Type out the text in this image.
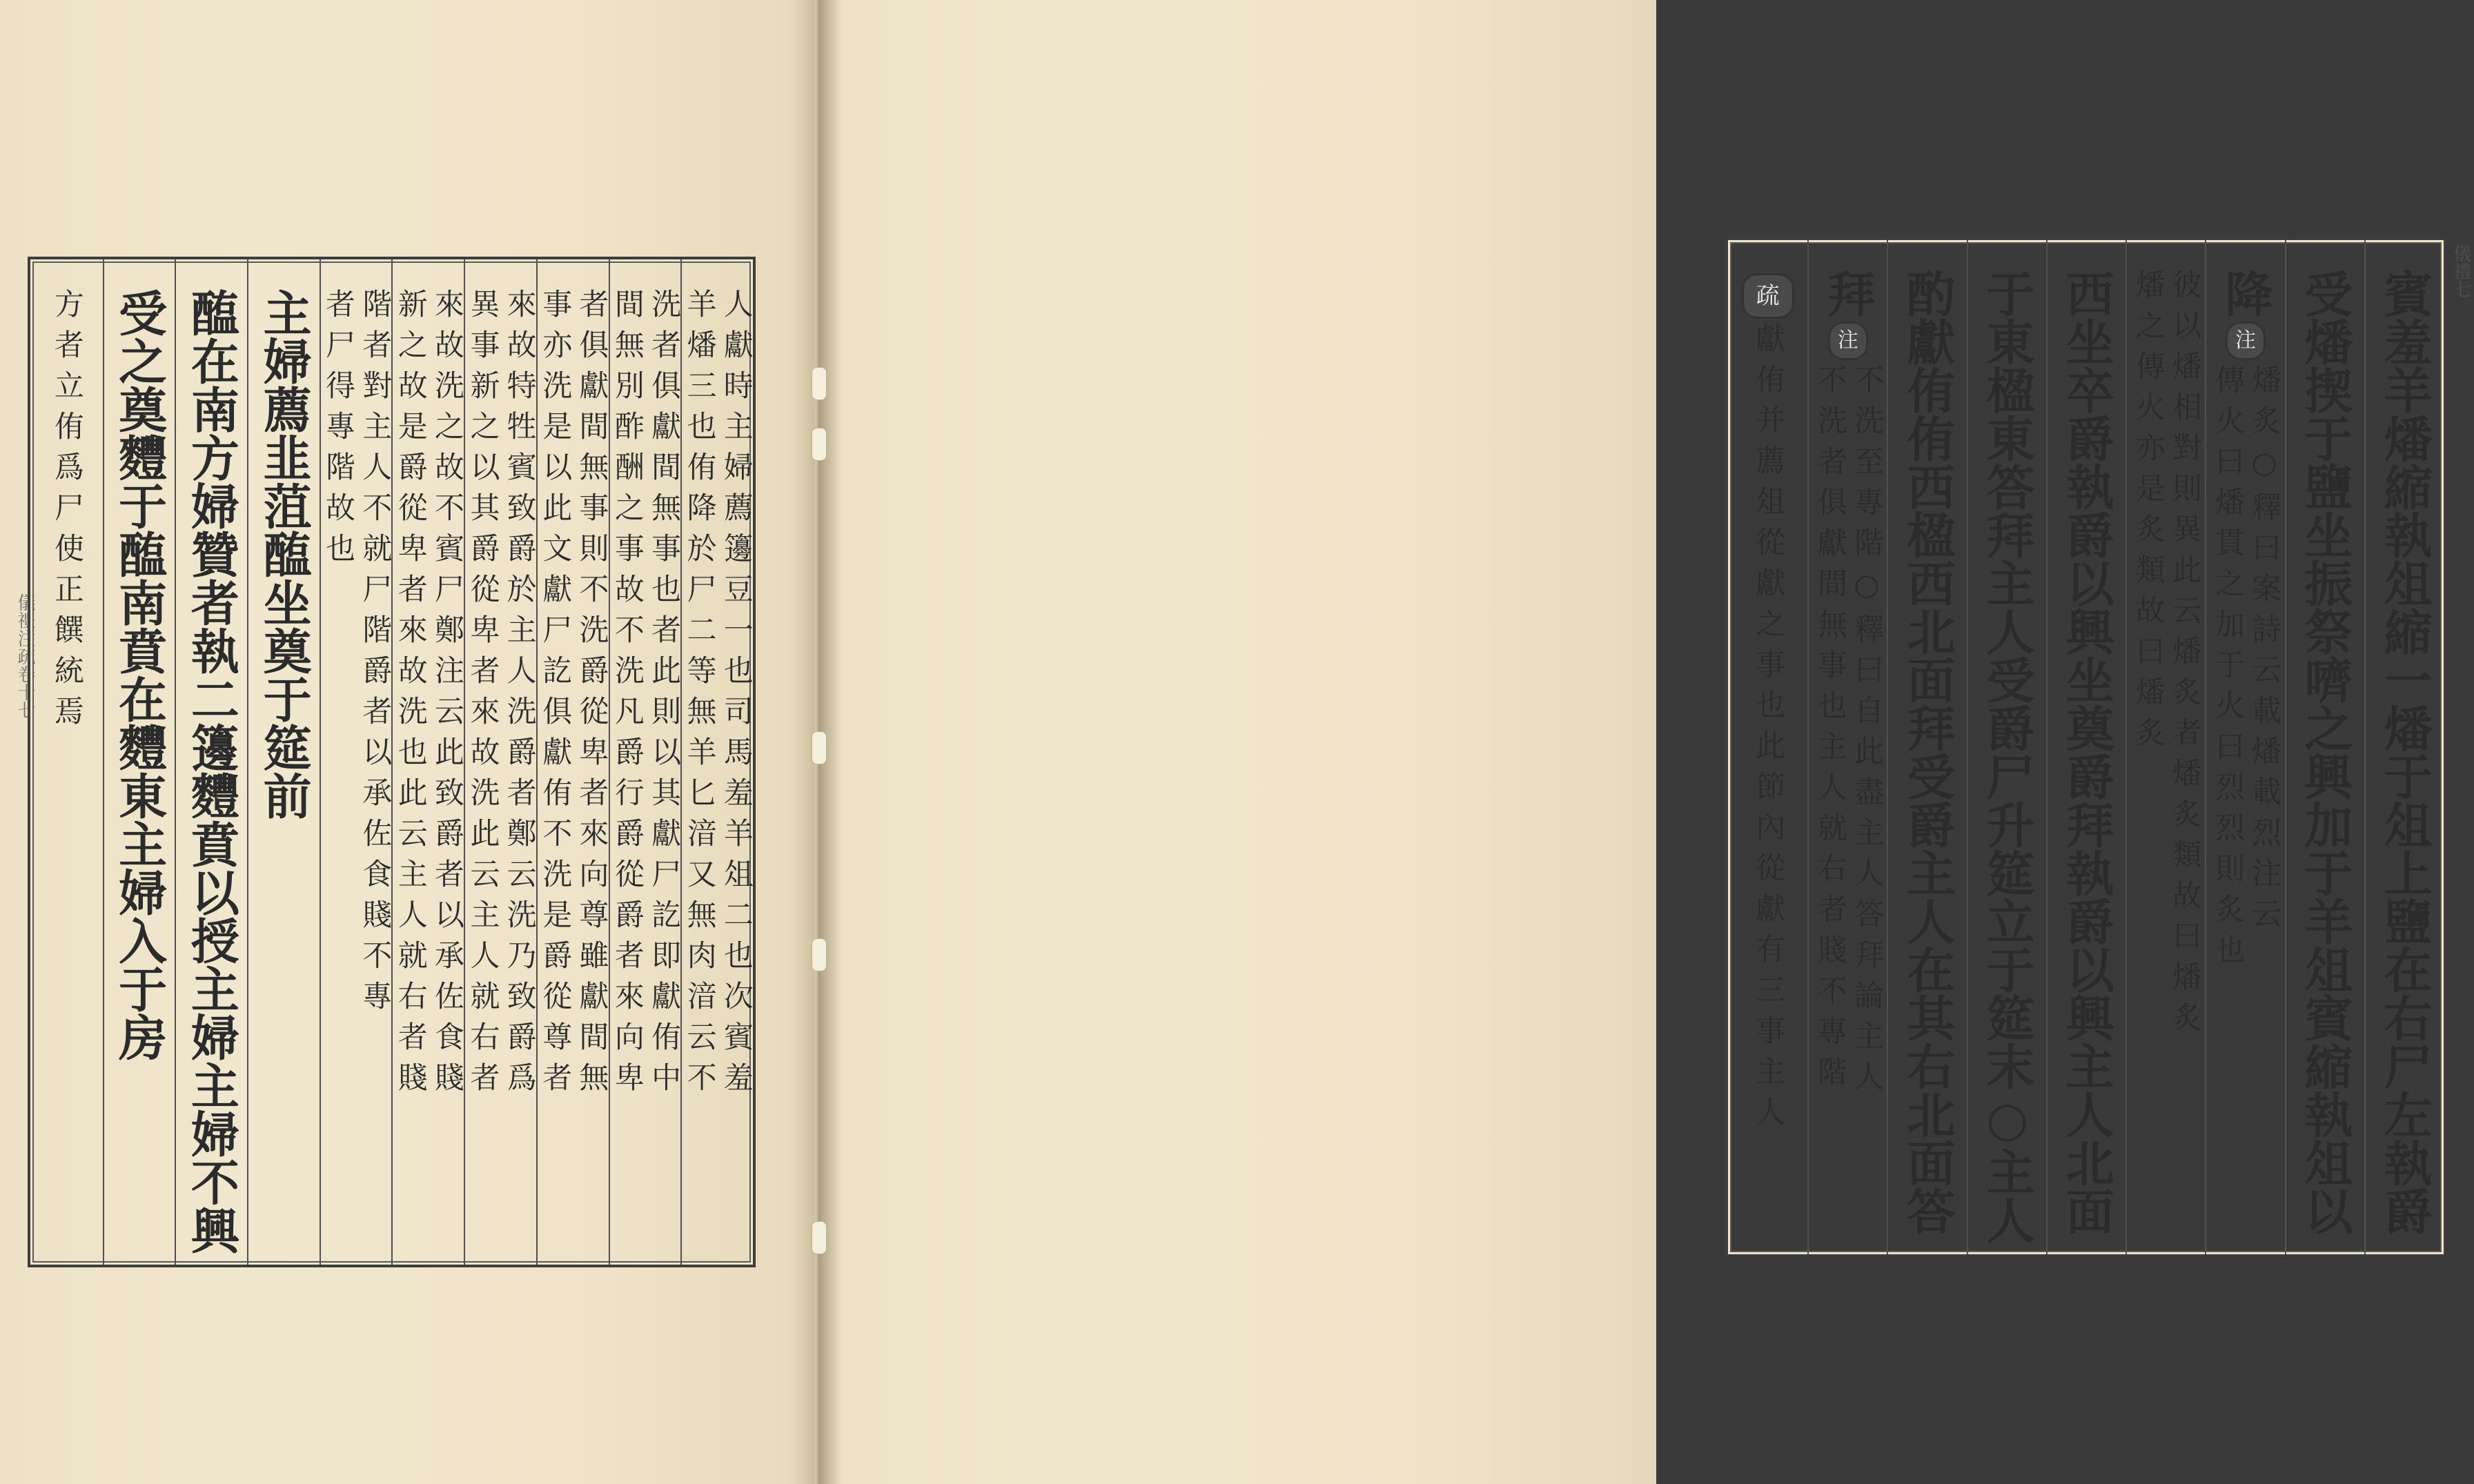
儀禮注疏卷十七	人獻時主婦薦籩豆一也司馬羞羊俎二也次賓羞
羊燔三也侑降於尸二等無羊匕湆又無肉湆云不
洗者俱獻間無事也者此則以其獻尸訖即獻侑中
間無別酢酬之事故不洗凡爵行爵從爵者來向卑
者俱獻間無事則不洗爵從卑者來向尊雖獻間無
事亦洗是以此文獻尸訖俱獻侑不洗是爵從尊者
來故特牲賓致爵於主人洗爵者鄭云洗乃致爵爲
異事新之以其爵從卑者來故洗此云主人就右者
來故洗之故不賓尸鄭注云此致爵者以承佐食賤
新之故是爵從卑者來故洗也此云主人就右者賤
階者對主人不就尸階爵者以承佐食賤不專
者尸得專階故也
主婦薦韭菹醢坐奠于筵前
醢在南方婦贊者執二籩麷賁以授主婦主婦不興
受之奠麷于醢南賁在麷東主婦入于房
方者立侑爲尸使正饌統焉
儀禮七
賓羞羊燔縮執俎縮一燔于俎上鹽在右尸左執爵
受燔揳于鹽坐振祭嚌之興加于羊俎賓縮執俎以
降
注
燔炙○釋曰案詩云載燔載烈注云
傳火曰燔貫之加于火曰烈烈則炙也
彼以燔相對則異此云燔炙者燔炙類故曰燔炙
燔之傳火亦是炙類故曰燔炙
西坐卒爵執爵以興坐奠爵拜執爵以興主人北面
于東楹東答拜主人受爵尸升筵立于筵末○主人
酌獻侑侑西楹西北面拜受爵主人在其右北面答
拜
注
不洗至專階○釋曰自此盡主人答拜論主人
不洗者俱獻間無事也主人就右者賤不專階
疏
獻侑并薦俎從獻之事也此節內從獻有三事主人
